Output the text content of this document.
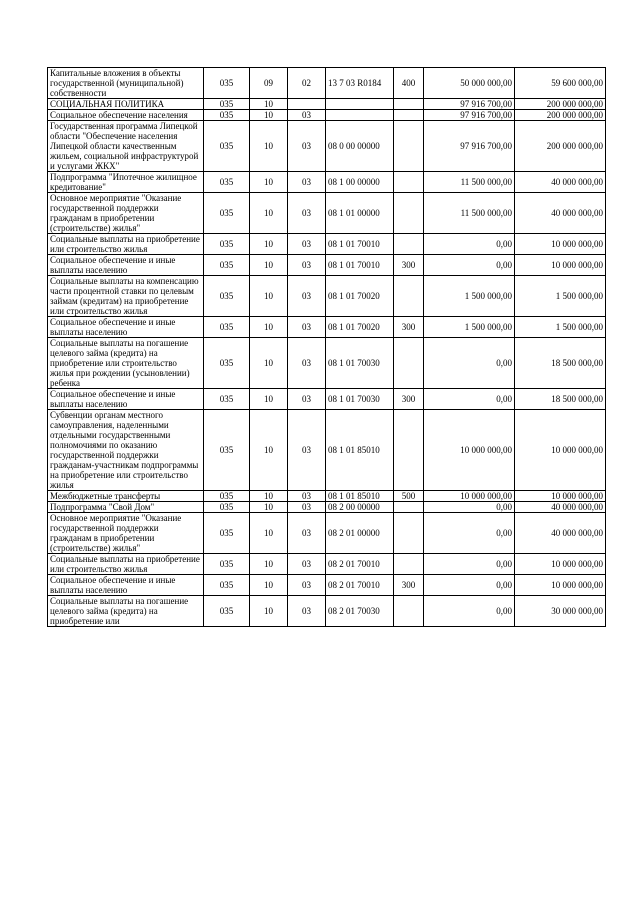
Капитальные вложения в объекты государственной (муниципальной) собственности	035	09	02	13 7 03 R0184	400	50 000 000,00	59 600 000,00
СОЦИАЛЬНАЯ ПОЛИТИКА	035	10				97 916 700,00	200 000 000,00
Социальное обеспечение населения	035	10	03			97 916 700,00	200 000 000,00
Государственная программа Липецкой области "Обеспечение населения Липецкой области качественным жильем, социальной инфраструктурой и услугами ЖКХ"	035	10	03	08 0 00 00000		97 916 700,00	200 000 000,00
Подпрограмма "Ипотечное жилищное кредитование"	035	10	03	08 1 00 00000		11 500 000,00	40 000 000,00
Основное мероприятие "Оказание государственной поддержки гражданам в приобретении (строительстве) жилья"	035	10	03	08 1 01 00000		11 500 000,00	40 000 000,00
Социальные выплаты на приобретение или строительство жилья	035	10	03	08 1 01 70010		0,00	10 000 000,00
Социальное обеспечение и иные выплаты населению	035	10	03	08 1 01 70010	300	0,00	10 000 000,00
Социальные выплаты на компенсацию части процентной ставки по целевым займам (кредитам) на приобретение или строительство жилья	035	10	03	08 1 01 70020		1 500 000,00	1 500 000,00
Социальное обеспечение и иные выплаты населению	035	10	03	08 1 01 70020	300	1 500 000,00	1 500 000,00
Социальные выплаты на погашение целевого займа (кредита) на приобретение или строительство жилья при рождении (усыновлении) ребенка	035	10	03	08 1 01 70030		0,00	18 500 000,00
Социальное обеспечение и иные выплаты населению	035	10	03	08 1 01 70030	300	0,00	18 500 000,00
Субвенции органам местного самоуправления, наделенными отдельными государственными полномочиями по оказанию государственной поддержки гражданам-участникам подпрограммы на приобретение или строительство жилья	035	10	03	08 1 01 85010		10 000 000,00	10 000 000,00
Межбюджетные трансферты	035	10	03	08 1 01 85010	500	10 000 000,00	10 000 000,00
Подпрограмма "Свой Дом"	035	10	03	08 2 00 00000		0,00	40 000 000,00
Основное мероприятие "Оказание государственной поддержки гражданам в приобретении (строительстве) жилья"	035	10	03	08 2 01 00000		0,00	40 000 000,00
Социальные выплаты на приобретение или строительство жилья	035	10	03	08 2 01 70010		0,00	10 000 000,00
Социальное обеспечение и иные выплаты населению	035	10	03	08 2 01 70010	300	0,00	10 000 000,00
Социальные выплаты на погашение целевого займа (кредита) на приобретение или	035	10	03	08 2 01 70030		0,00	30 000 000,00
